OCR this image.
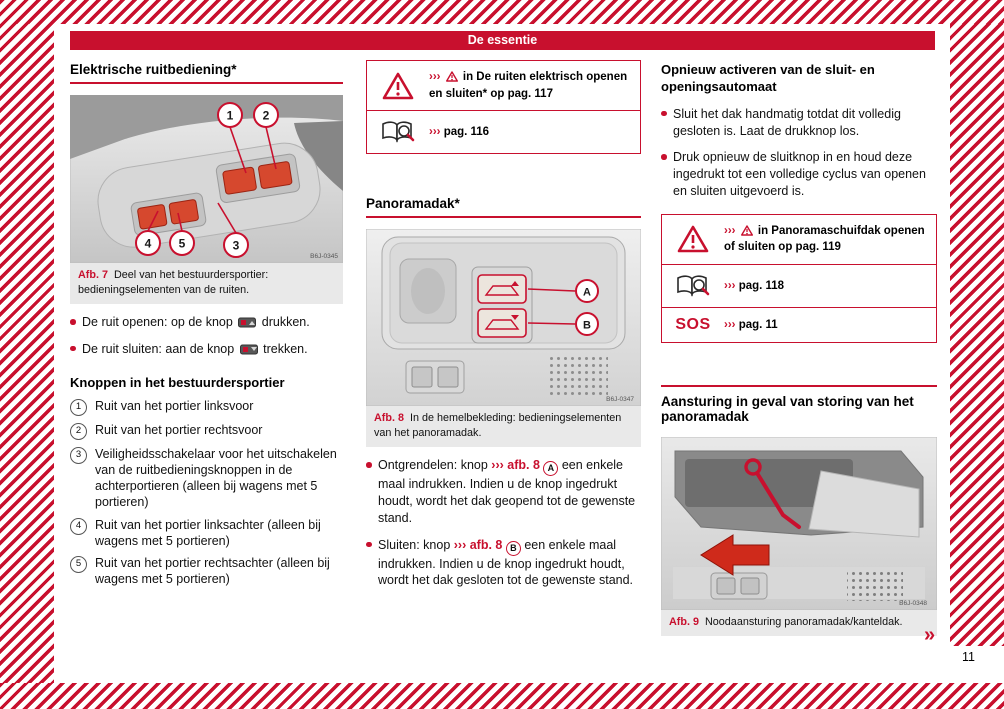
11
De essentie
Elektrische ruitbediening*
1 2
4 5	3
B6J-0345
Afb. 7 Deel van het bestuurdersportier: bedieningselementen van de ruiten.
De ruit openen: op de knop  drukken.
De ruit sluiten: aan de knop  trekken.
Knoppen in het bestuurdersportier
1	Ruit van het portier linksvoor
2	Ruit van het portier rechtsvoor
3	Veiligheidsschakelaar voor het uitschakelen van de ruitbedieningsknoppen in de achterportieren (alleen bij wagens met 5 portieren)
4	Ruit van het portier linksachter (alleen bij wagens met 5 portieren)
5	Ruit van het portier rechtsachter (alleen bij wagens met 5 portieren)
›››  in De ruiten elektrisch openen en sluiten* op pag. 117
››› pag. 116
Panoramadak*
A
B
B6J-0347
Afb. 8 In de hemelbekleding: bedieningselementen van het panoramadak.
Ontgrendelen: knop ››› afb. 8 A een enkele maal indrukken. Indien u de knop ingedrukt houdt, wordt het dak geopend tot de gewenste stand.
Sluiten: knop ››› afb. 8 B een enkele maal indrukken. Indien u de knop ingedrukt houdt, wordt het dak gesloten tot de gewenste stand.
Opnieuw activeren van de sluit- en openingsautomaat
Sluit het dak handmatig totdat dit volledig gesloten is. Laat de drukknop los.
Druk opnieuw de sluitknop in en houd deze ingedrukt tot een volledige cyclus van openen en sluiten uitgevoerd is.
›››  in Panoramaschuifdak openen of sluiten op pag. 119
››› pag. 118
SOS ››› pag. 11
Aansturing in geval van storing van het panoramadak
B6J-0348
Afb. 9 Noodaansturing panoramadak/kanteldak.
»
